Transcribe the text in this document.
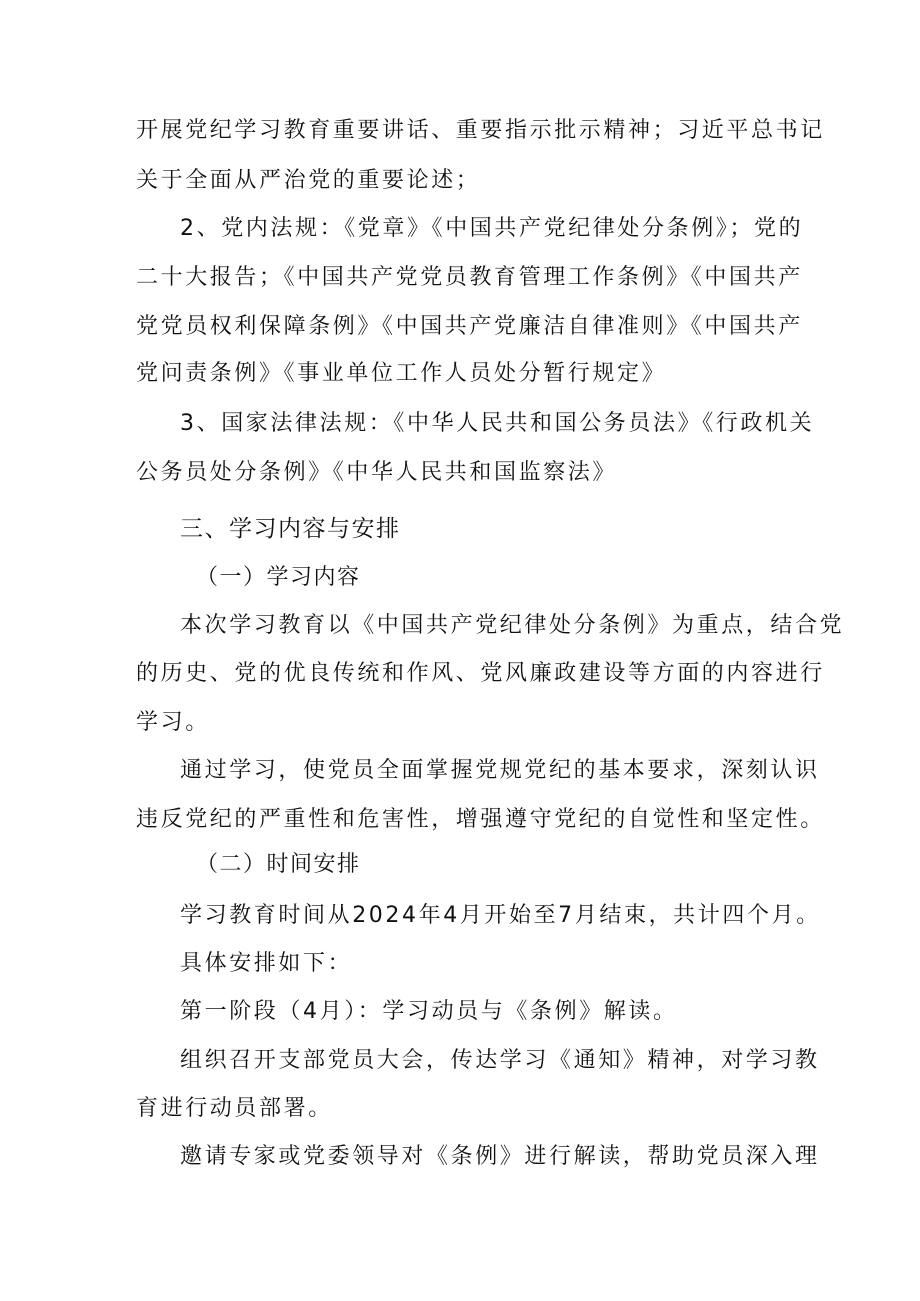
开展党纪学习教育重要讲话、重要指示批示精神；习近平总书记
关于全面从严治党的重要论述；
2、党内法规：《党章》《中国共产党纪律处分条例》；党的
二十大报告；《中国共产党党员教育管理工作条例》《中国共产
党党员权利保障条例》《中国共产党廉洁自律准则》《中国共产
党问责条例》《事业单位工作人员处分暂行规定》
3、国家法律法规：《中华人民共和国公务员法》《行政机关
公务员处分条例》《中华人民共和国监察法》
三、学习内容与安排
（一）学习内容
本次学习教育以《中国共产党纪律处分条例》为重点，结合党
的历史、党的优良传统和作风、党风廉政建设等方面的内容进行
学习。
通过学习，使党员全面掌握党规党纪的基本要求，深刻认识
违反党纪的严重性和危害性，增强遵守党纪的自觉性和坚定性。
（二）时间安排
学习教育时间从2024年4月开始至7月结束，共计四个月。
具体安排如下：
第一阶段（4月）：学习动员与《条例》解读。
组织召开支部党员大会，传达学习《通知》精神，对学习教
育进行动员部署。
邀请专家或党委领导对《条例》进行解读，帮助党员深入理
